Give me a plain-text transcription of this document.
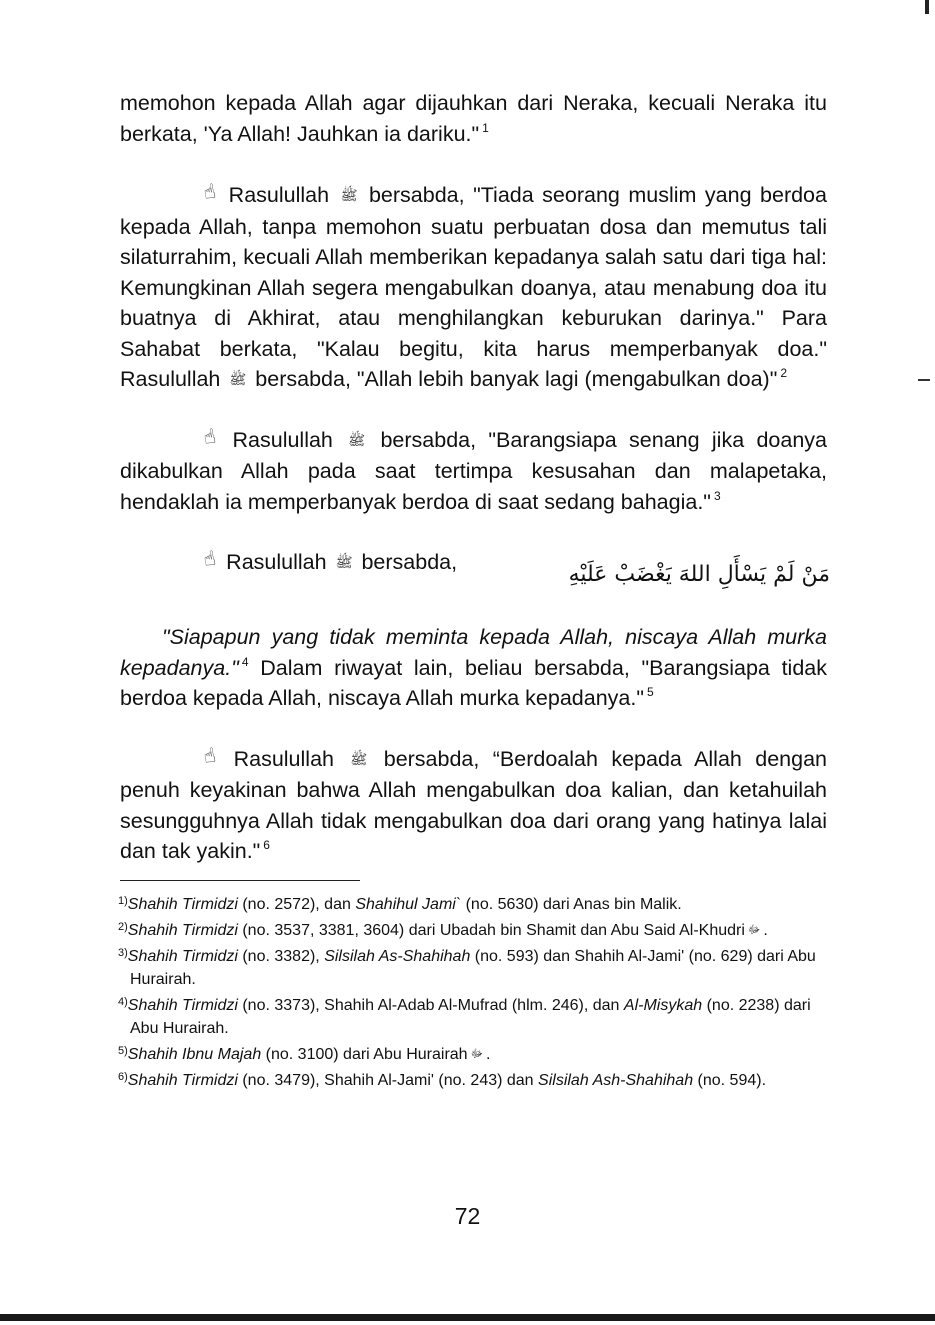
memohon kepada Allah agar dijauhkan dari Neraka, kecuali Neraka itu berkata, 'Ya Allah! Jauhkan ia dariku." $^1$

☝ Rasulullah ﷺ bersabda, "Tiada seorang muslim yang berdoa kepada Allah, tanpa memohon suatu perbuatan dosa dan memutus tali silaturrahim, kecuali Allah memberikan kepadanya salah satu dari tiga hal: Kemungkinan Allah segera mengabulkan doanya, atau menabung doa itu buatnya di Akhirat, atau menghilangkan keburukan darinya." Para Sahabat berkata, "Kalau begitu, kita harus memperbanyak doa." Rasulullah ﷺ bersabda, "Allah lebih banyak lagi (mengabulkan doa)" $^2$

☝ Rasulullah ﷺ bersabda, "Barangsiapa senang jika doanya dikabulkan Allah pada saat tertimpa kesusahan dan malapetaka, hendaklah ia memperbanyak berdoa di saat sedang bahagia." $^3$

☝ Rasulullah ﷺ bersabda,	مَنْ لَمْ يَسْأَلِ اللهَ يَغْضَبْ عَلَيْهِ

"Siapapun yang tidak meminta kepada Allah, niscaya Allah murka kepadanya." $^4$ Dalam riwayat lain, beliau bersabda, "Barangsiapa tidak berdoa kepada Allah, niscaya Allah murka kepadanya." $^5$

☝ Rasulullah ﷺ bersabda, “Berdoalah kepada Allah dengan penuh keyakinan bahwa Allah mengabulkan doa kalian, dan ketahuilah sesungguhnya Allah tidak mengabulkan doa dari orang yang hatinya lalai dan tak yakin." $^6$

$^{1)}$Shahih Tirmidzi (no. 2572), dan Shahihul Jami` (no. 5630) dari Anas bin Malik.

$^{2)}$Shahih Tirmidzi (no. 3537, 3381, 3604) dari Ubadah bin Shamit dan Abu Said Al-Khudri ﷻ .

$^{3)}$Shahih Tirmidzi (no. 3382), Silsilah As-Shahihah (no. 593) dan Shahih Al-Jami' (no. 629) dari Abu Hurairah.

$^{4)}$Shahih Tirmidzi (no. 3373), Shahih Al-Adab Al-Mufrad (hlm. 246), dan Al-Misykah (no. 2238) dari Abu Hurairah.

$^{5)}$Shahih Ibnu Majah (no. 3100) dari Abu Hurairah ﷻ .

$^{6)}$Shahih Tirmidzi (no. 3479), Shahih Al-Jami' (no. 243) dan Silsilah Ash-Shahihah (no. 594).

72
